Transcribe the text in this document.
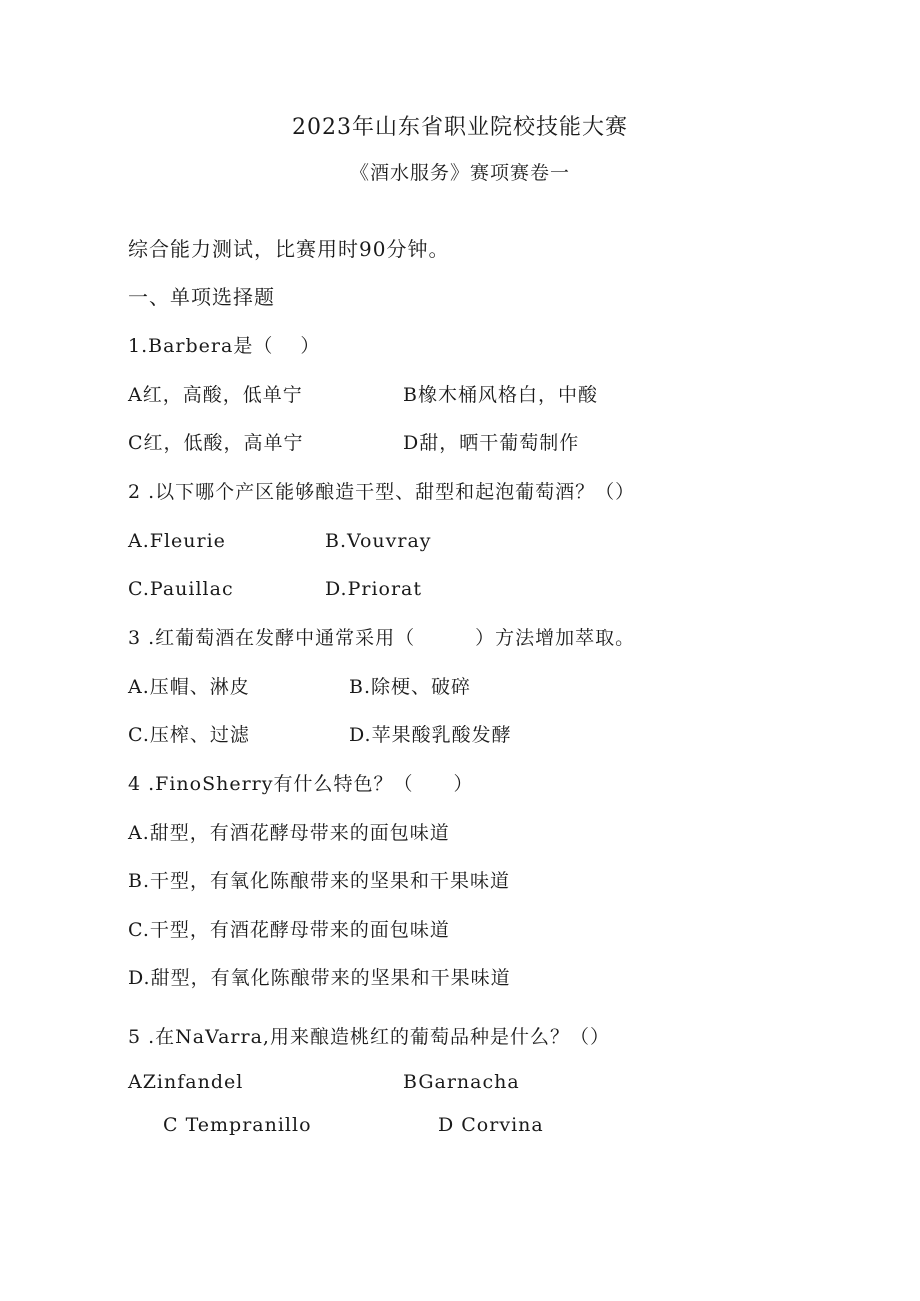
2023年山东省职业院校技能大赛
《酒水服务》赛项赛卷一
综合能力测试，比赛用时90分钟。
一、单项选择题
1.Barbera是（　 ）
A红，高酸，低单宁	B橡木桶风格白，中酸
C红，低酸，高单宁	D甜，晒干葡萄制作
2 .以下哪个产区能够酿造干型、甜型和起泡葡萄酒？（）
A.Fleurie	B.Vouvray
C.Pauillac	D.Priorat
3 .红葡萄酒在发酵中通常采用（　　　）方法增加萃取。
A.压帽、淋皮	B.除梗、破碎
C.压榨、过滤	D.苹果酸乳酸发酵
4 .FinoSherry有什么特色？（　　）
A.甜型，有酒花酵母带来的面包味道
B.干型，有氧化陈酿带来的坚果和干果味道
C.干型，有酒花酵母带来的面包味道
D.甜型，有氧化陈酿带来的坚果和干果味道
5 .在NaVarra,用来酿造桃红的葡萄品种是什么？（）
AZinfandel	BGarnacha
C Tempranillo	D Corvina
